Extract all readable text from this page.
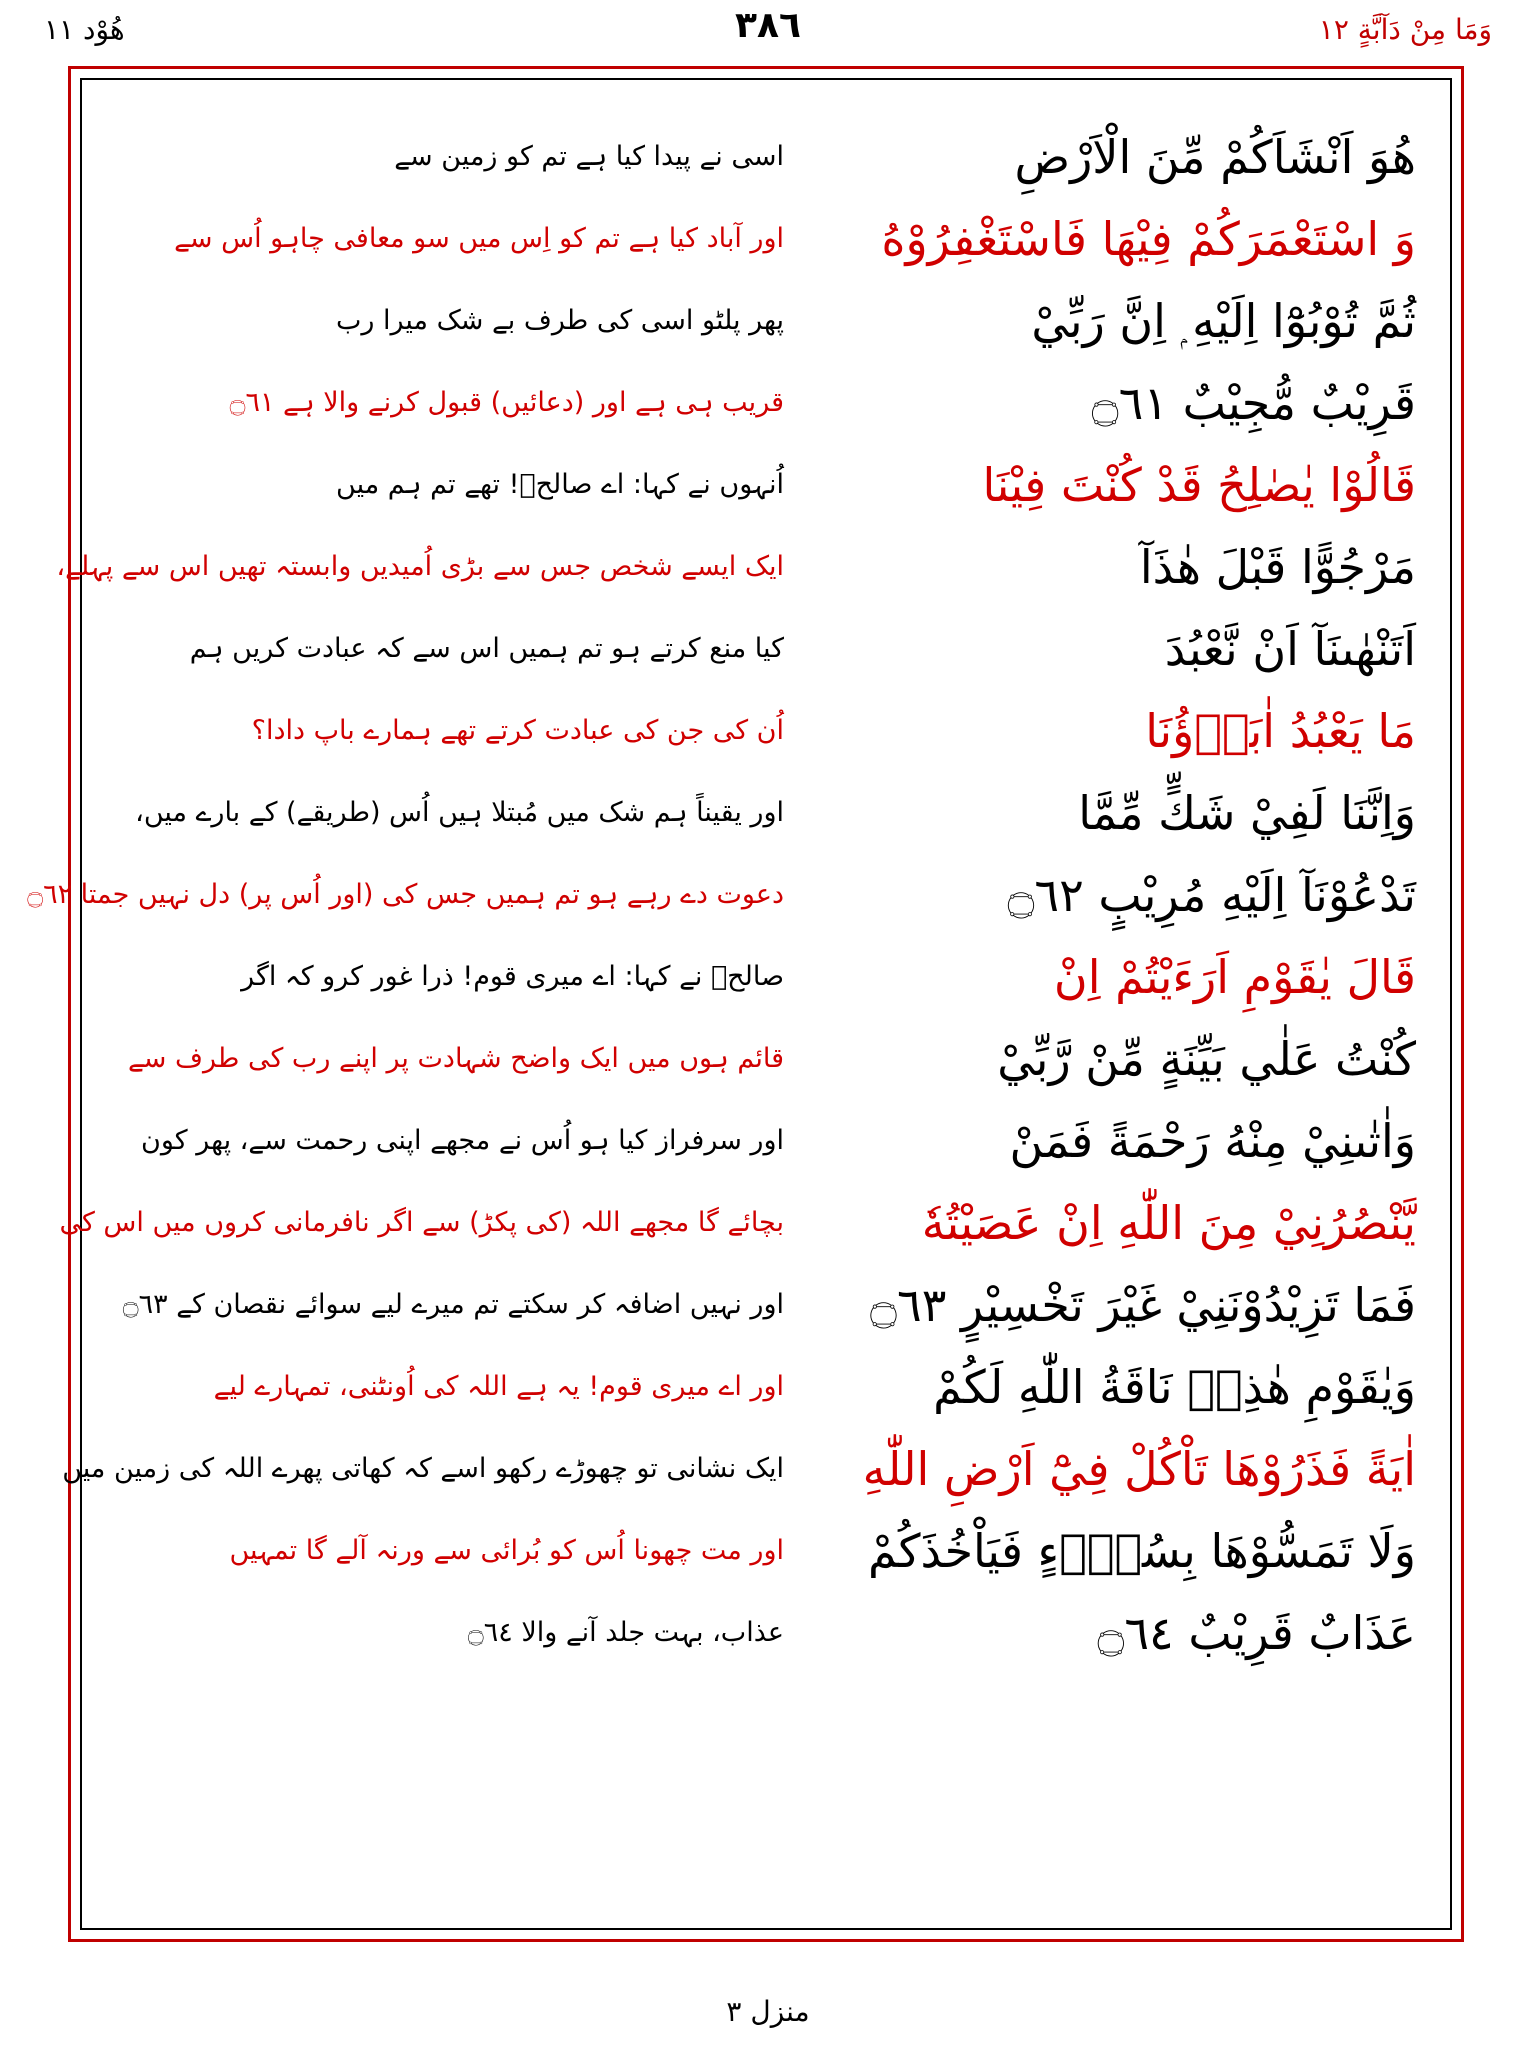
هُوْد ١١	٣٨٦	وَمَا مِنْ دَآبَّةٍ ١٢
هُوَ اَنْشَاَكُمْ مِّنَ الْاَرْضِ
اسی نے پیدا کیا ہے تم کو زمین سے
وَ اسْتَعْمَرَكُمْ فِيْهَا فَاسْتَغْفِرُوْهُ
اور آباد کیا ہے تم کو اِس میں سو معافی چاہو اُس سے
ثُمَّ تُوْبُوْٓا اِلَيْهِ ۭ اِنَّ رَبِّيْ
پھر پلٹو اسی کی طرف بے شک میرا رب
قَرِيْبٌ مُّجِيْبٌ ۝٦١
قریب ہی ہے اور (دعائیں) قبول کرنے والا ہے ۝٦١
قَالُوْا يٰصٰلِحُ قَدْ كُنْتَ فِيْنَا
اُنہوں نے کہا: اے صالحؑ! تھے تم ہم میں
مَرْجُوًّا قَبْلَ هٰذَآ
ایک ایسے شخص جس سے بڑی اُمیدیں وابستہ تھیں اس سے پہلے،
اَتَنْهٰىنَآ اَنْ نَّعْبُدَ
کیا منع کرتے ہو تم ہمیں اس سے کہ عبادت کریں ہم
مَا يَعْبُدُ اٰبَاۗؤُنَا
اُن کی جن کی عبادت کرتے تھے ہمارے باپ دادا؟
وَاِنَّنَا لَفِيْ شَكٍّ مِّمَّا
اور یقیناً ہم شک میں مُبتلا ہیں اُس (طریقے) کے بارے میں،
تَدْعُوْنَآ اِلَيْهِ مُرِيْبٍ ۝٦٢
دعوت دے رہے ہو تم ہمیں جس کی (اور اُس پر) دل نہیں جمتا ۝٦٢
قَالَ يٰقَوْمِ اَرَءَيْتُمْ اِنْ
صالحؑ نے کہا: اے میری قوم! ذرا غور کرو کہ اگر
كُنْتُ عَلٰي بَيِّنَةٍ مِّنْ رَّبِّيْ
قائم ہوں میں ایک واضح شہادت پر اپنے رب کی طرف سے
وَاٰتٰىنِيْ مِنْهُ رَحْمَةً فَمَنْ
اور سرفراز کیا ہو اُس نے مجھے اپنی رحمت سے، پھر کون
يَّنْصُرُنِيْ مِنَ اللّٰهِ اِنْ عَصَيْتُهٗ
بچائے گا مجھے اللہ (کی پکڑ) سے اگر نافرمانی کروں میں اس کی
فَمَا تَزِيْدُوْنَنِيْ غَيْرَ تَخْسِيْرٍ ۝٦٣
اور نہیں اضافہ کر سکتے تم میرے لیے سوائے نقصان کے ۝٦٣
وَيٰقَوْمِ هٰذِهٖ نَاقَةُ اللّٰهِ لَكُمْ
اور اے میری قوم! یہ ہے اللہ کی اُونٹنی، تمہارے لیے
اٰيَةً فَذَرُوْهَا تَاْكُلْ فِيْٓ اَرْضِ اللّٰهِ
ایک نشانی تو چھوڑے رکھو اسے کہ کھاتی پھرے اللہ کی زمین میں
وَلَا تَمَسُّوْهَا بِسُوْۗءٍ فَيَاْخُذَكُمْ
اور مت چھونا اُس کو بُرائی سے ورنہ آلے گا تمہیں
عَذَابٌ قَرِيْبٌ ۝٦٤
عذاب، بہت جلد آنے والا ۝٦٤
منزل ٣
